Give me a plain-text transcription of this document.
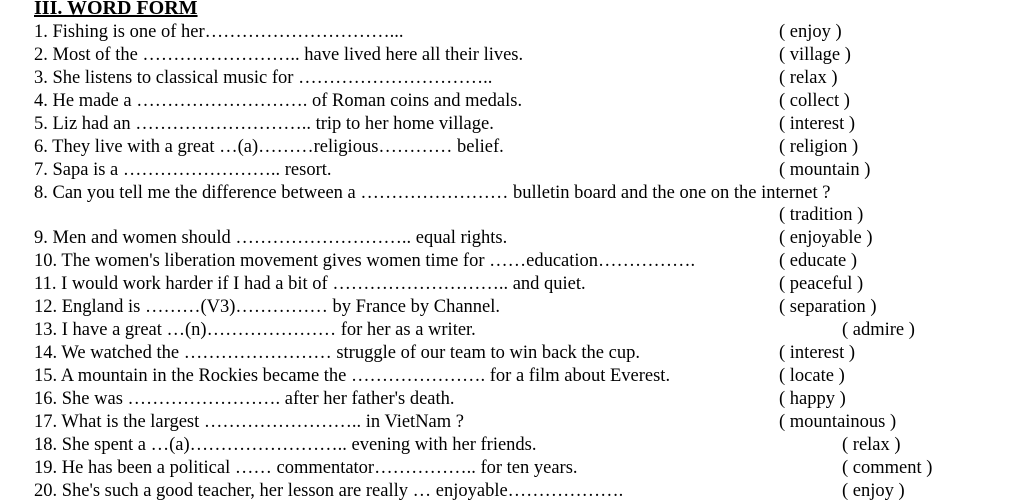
III. WORD FORM
1. Fishing is one of her…………………………...	( enjoy )
2. Most of the …………………….. have lived here all their lives.	( village )
3. She listens to classical music for …………………………..	( relax )
4. He made a ………………………. of Roman coins and medals.	( collect )
5. Liz had an ……………………….. trip to her home village.	( interest )
6. They live with a great …(a)………religious………… belief.	( religion )
7. Sapa is a …………………….. resort.	( mountain )
8. Can you tell me the difference between a …………………… bulletin board and the one on the internet ?
( tradition )
9. Men and women should ……………………….. equal rights.	( enjoyable )
10. The women's liberation movement gives women time for ……education…………….	( educate )
11. I would work harder if I had a bit of ……………………….. and quiet.	( peaceful )
12. England is ………(V3)…………… by France by Channel.	( separation )
13. I have a great …(n)………………… for her as a writer.	( admire )
14. We watched the …………………… struggle of our team to win back the cup.	( interest )
15. A mountain in the Rockies became the …………………. for a film about Everest.	( locate )
16. She was ……………………. after her father's death.	( happy )
17. What is the largest …………………….. in VietNam ?	( mountainous )
18. She spent a …(a)…………………….. evening with her friends.	( relax )
19. He has been a political …… commentator…………….. for ten years.	( comment )
20. She's such a good teacher, her lesson are really … enjoyable……………….	( enjoy )
